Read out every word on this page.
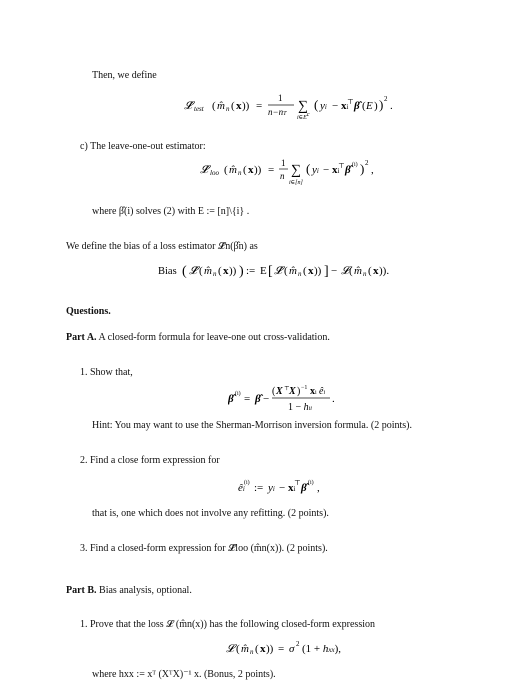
Then, we define
𝓛̂ test ( m̂ n ( x )) =
1
n−nT ∑
i∈Ec
( yi − xi
⊤ β̂ ( E ) ) 2
.
c) The leave-one-out estimator:
𝓛̂ loo ( m̂ n ( x )) =
1
n ∑
i∈[n]
( yi − xi
⊤ β̂ (i) ) 2
,
where β̂(i) solves (2) with E := [n]\{i} .
We define the bias of a loss estimator 𝓛̂n(β̂n) as
Bias ( 𝓛̂ ( m̂ n ( x )) ) := E [ 𝓛̂ ( m̂ n ( x )) ] − 𝓛 ( m̂ n ( x )).
Questions.
Part A. A closed-form formula for leave-one out cross-validation.
1. Show that,
β̂ (i) = β̂ −
( X ⊤ X ) −1 xi êi
1 − hii
.
Hint: You may want to use the Sherman-Morrison inversion formula. (2 points).
2. Find a close form expression for
êi
(i) := yi − xi
⊤ β̂ (i) ,
that is, one which does not involve any refitting. (2 points).
3. Find a closed-form expression for 𝓛̂loo (m̂n(x)). (2 points).
Part B. Bias analysis, optional.
1. Prove that the loss 𝓛 (m̂n(x)) has the following closed-form expression
𝓛 ( m̂ n ( x )) = σ 2 (1 + hxx),
where hxx := xᵀ (XᵀX)⁻¹ x. (Bonus, 2 points).
